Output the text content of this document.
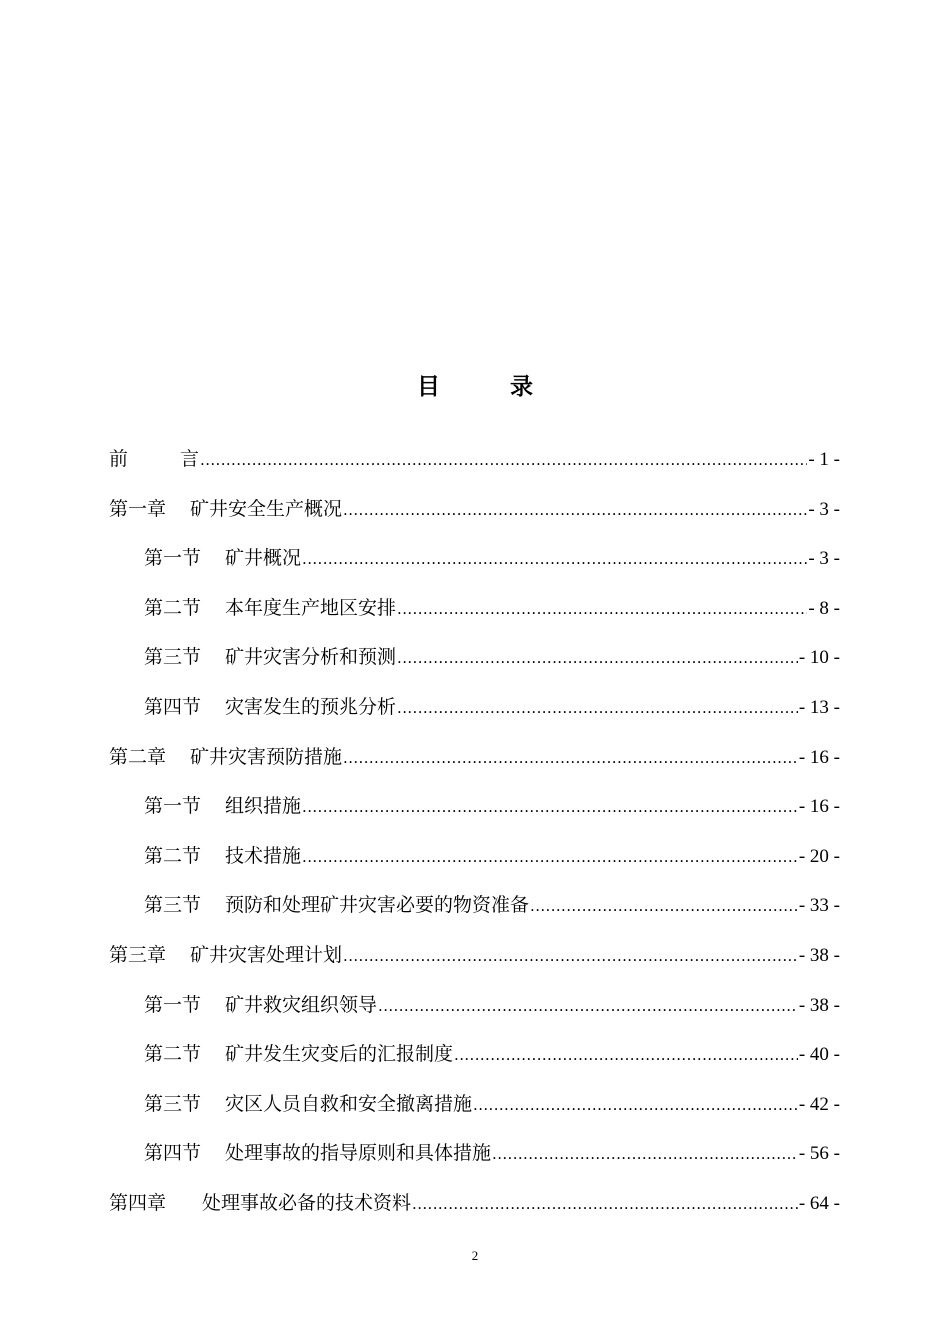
目	录
前	言 .....	- 1 -
第一章 矿井安全生产概况 .....	- 3 -
第一节 矿井概况 .....	- 3 -
第二节 本年度生产地区安排 .....	- 8 -
第三节 矿井灾害分析和预测 .....	- 10 -
第四节 灾害发生的预兆分析 .....	- 13 -
第二章 矿井灾害预防措施 .....	- 16 -
第一节 组织措施 .....	- 16 -
第二节 技术措施 .....	- 20 -
第三节 预防和处理矿井灾害必要的物资准备 .....	- 33 -
第三章 矿井灾害处理计划 .....	- 38 -
第一节 矿井救灾组织领导 .....	- 38 -
第二节 矿井发生灾变后的汇报制度 .....	- 40 -
第三节 灾区人员自救和安全撤离措施 .....	- 42 -
第四节 处理事故的指导原则和具体措施 .....	- 56 -
第四章 处理事故必备的技术资料 .....	- 64 -
2
